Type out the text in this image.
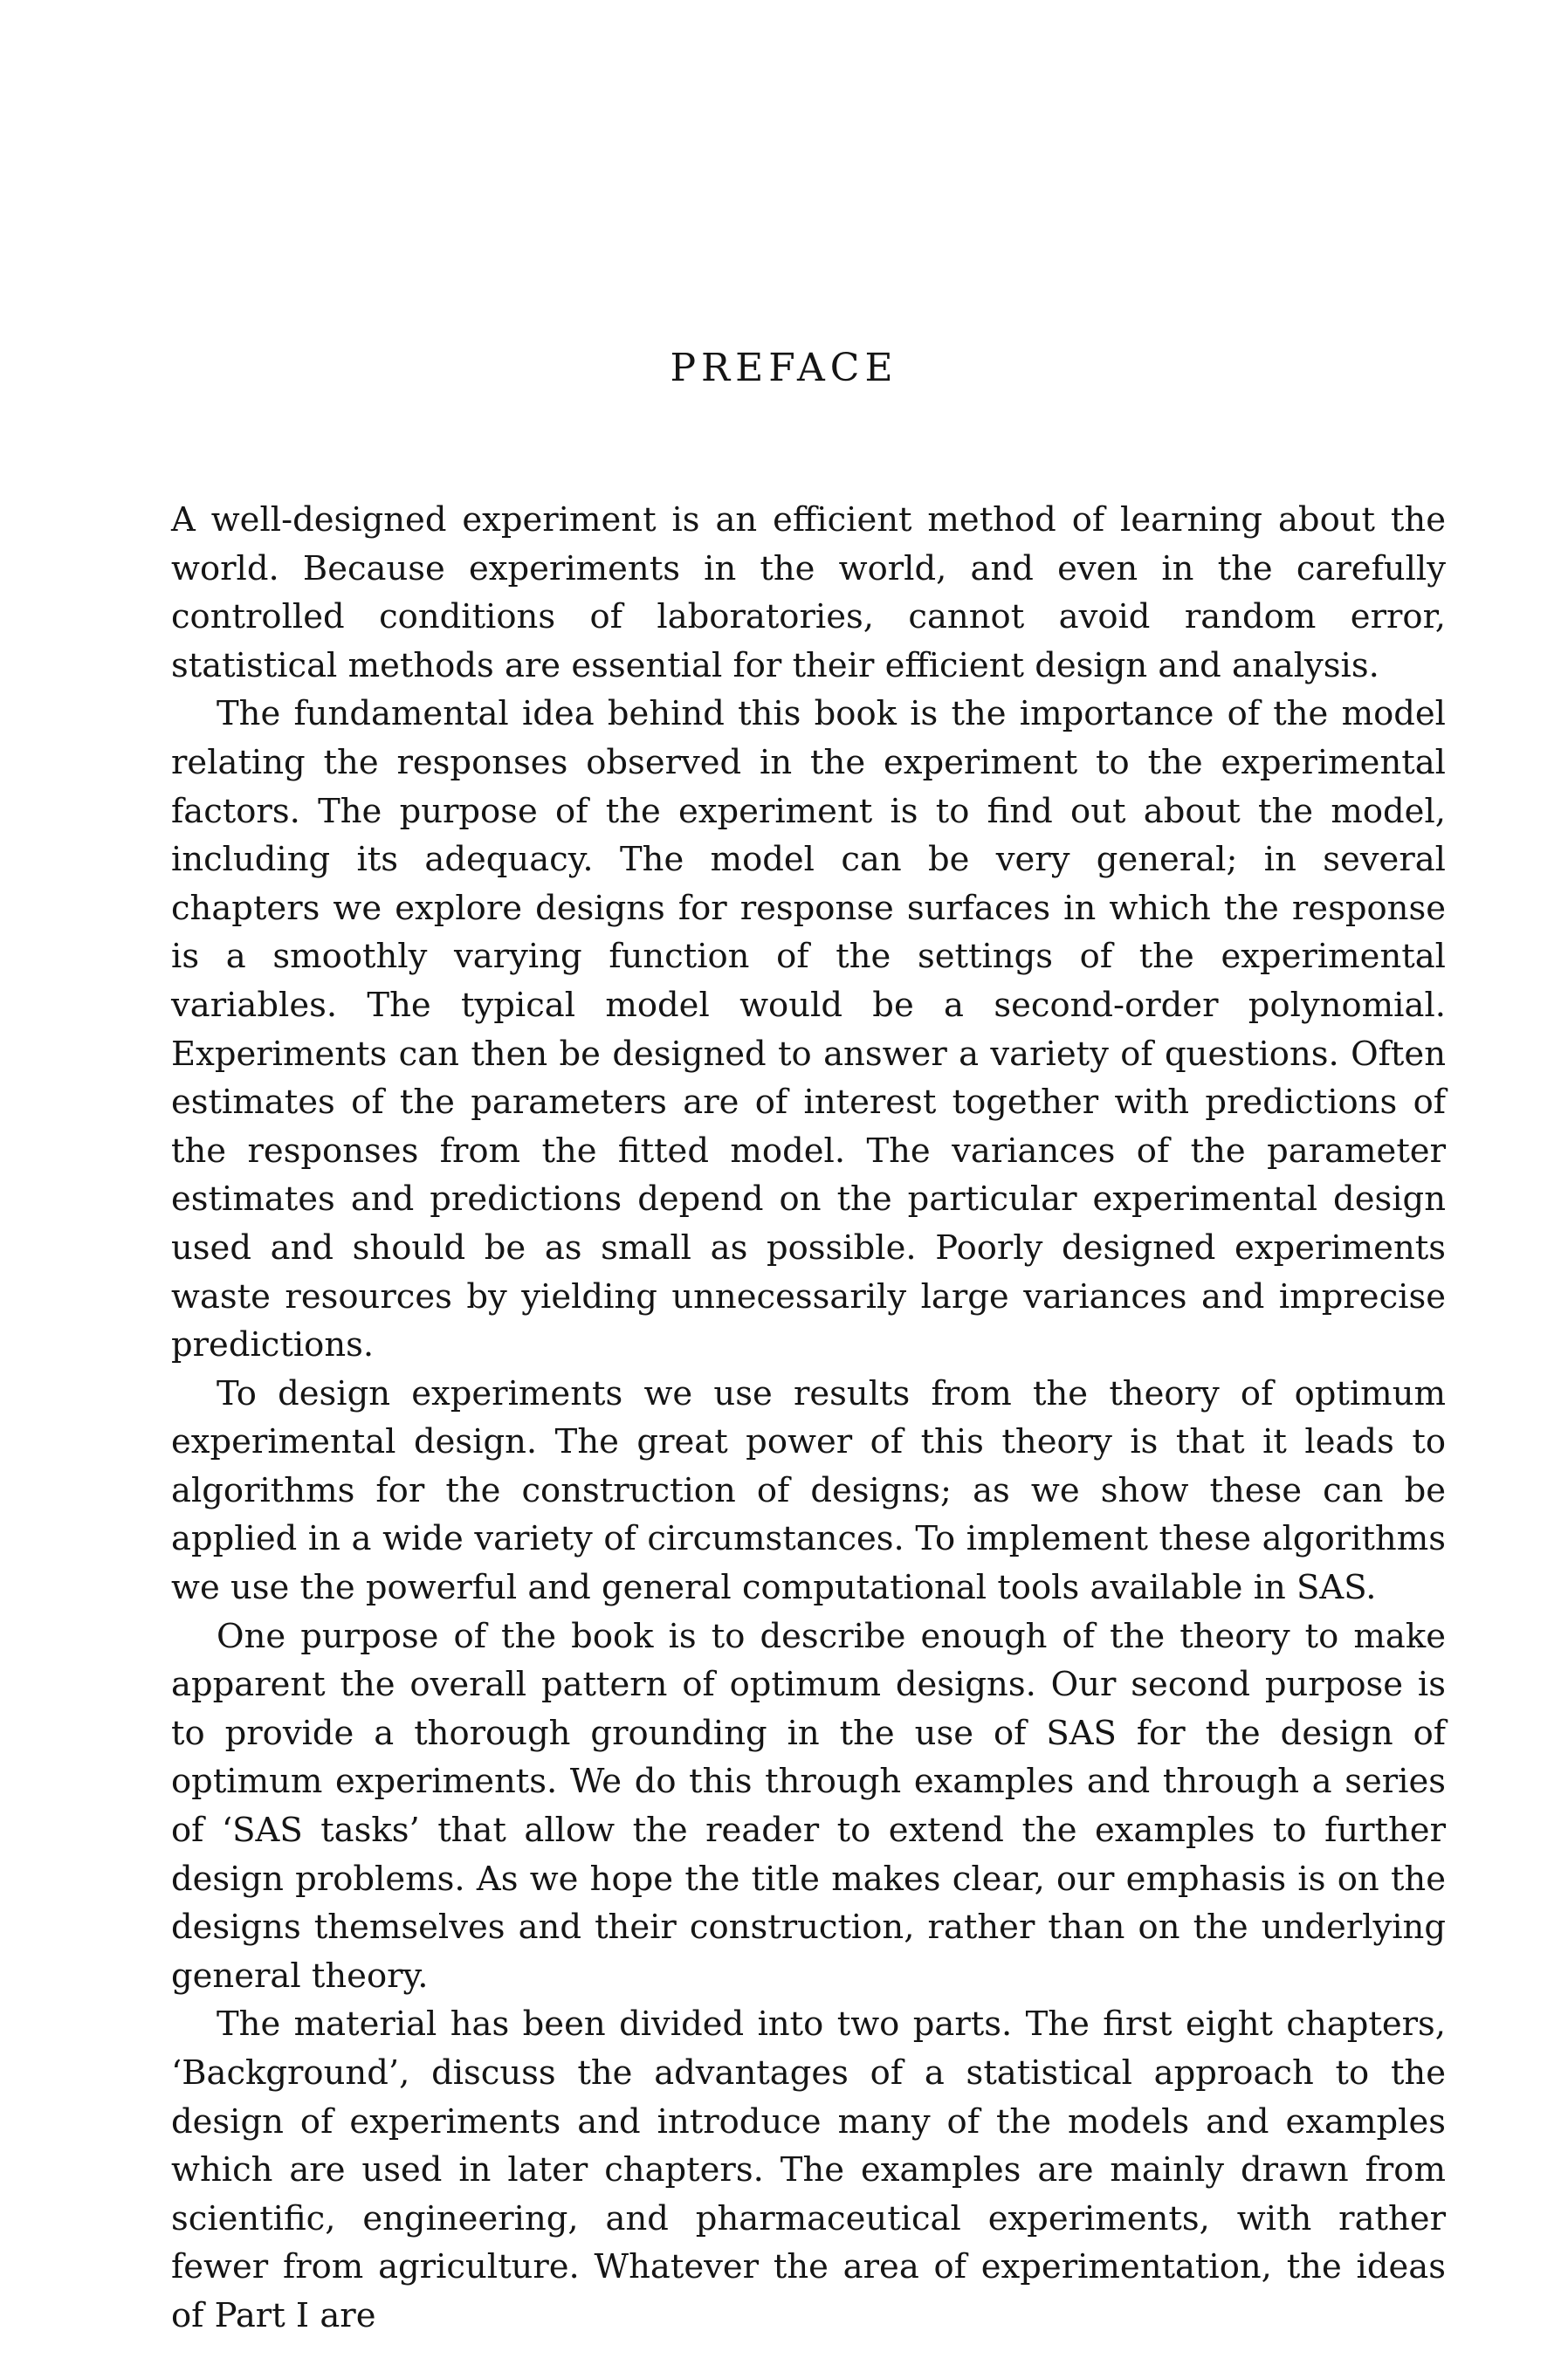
PREFACE

A well-designed experiment is an efficient method of learning about the world. Because experiments in the world, and even in the carefully controlled conditions of laboratories, cannot avoid random error, statistical methods are essential for their efficient design and analysis.

The fundamental idea behind this book is the importance of the model relating the responses observed in the experiment to the experimental factors. The purpose of the experiment is to find out about the model, including its adequacy. The model can be very general; in several chapters we explore designs for response surfaces in which the response is a smoothly varying function of the settings of the experimental variables. The typical model would be a second-order polynomial. Experiments can then be designed to answer a variety of questions. Often estimates of the parameters are of interest together with predictions of the responses from the fitted model. The variances of the parameter estimates and predictions depend on the particular experimental design used and should be as small as possible. Poorly designed experiments waste resources by yielding unnecessarily large variances and imprecise predictions.

To design experiments we use results from the theory of optimum experimental design. The great power of this theory is that it leads to algorithms for the construction of designs; as we show these can be applied in a wide variety of circumstances. To implement these algorithms we use the powerful and general computational tools available in SAS.

One purpose of the book is to describe enough of the theory to make apparent the overall pattern of optimum designs. Our second purpose is to provide a thorough grounding in the use of SAS for the design of optimum experiments. We do this through examples and through a series of ‘SAS tasks’ that allow the reader to extend the examples to further design problems. As we hope the title makes clear, our emphasis is on the designs themselves and their construction, rather than on the underlying general theory.

The material has been divided into two parts. The first eight chapters, ‘Background’, discuss the advantages of a statistical approach to the design of experiments and introduce many of the models and examples which are used in later chapters. The examples are mainly drawn from scientific, engineering, and pharmaceutical experiments, with rather fewer from agriculture. Whatever the area of experimentation, the ideas of Part I are
